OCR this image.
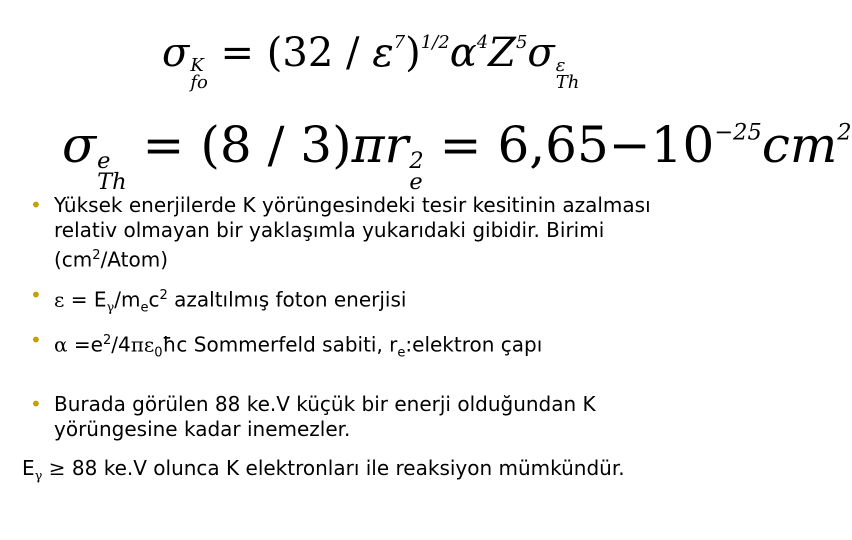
σ K
fo
= $(32 / \varepsilon^7)^{1/2}\alpha^4Z^5\sigma$ ε
Th
σ e
Th
= (8 / 3)πr 2
e
= $6,65-10^{-25}cm^2$
• Yüksek enerjilerde K yörüngesindeki tesir kesitinin azalması relativ olmayan bir yaklaşımla yukarıdaki gibidir. Birimi $(cm^2/Atom)$
• $\varepsilon = E_\gamma/m_ec^2$ azaltılmış foton enerjisi
• $\alpha =e^2/4\pi\varepsilon_0ħc$ Sommerfeld sabiti, $r_e:elektron$ çapı
• Burada görülen 88 ke.V küçük bir enerji olduğundan K yörüngesine kadar inemezler.
$E_\gamma \ge 88$ ke.V olunca K elektronları ile reaksiyon mümkündür.
